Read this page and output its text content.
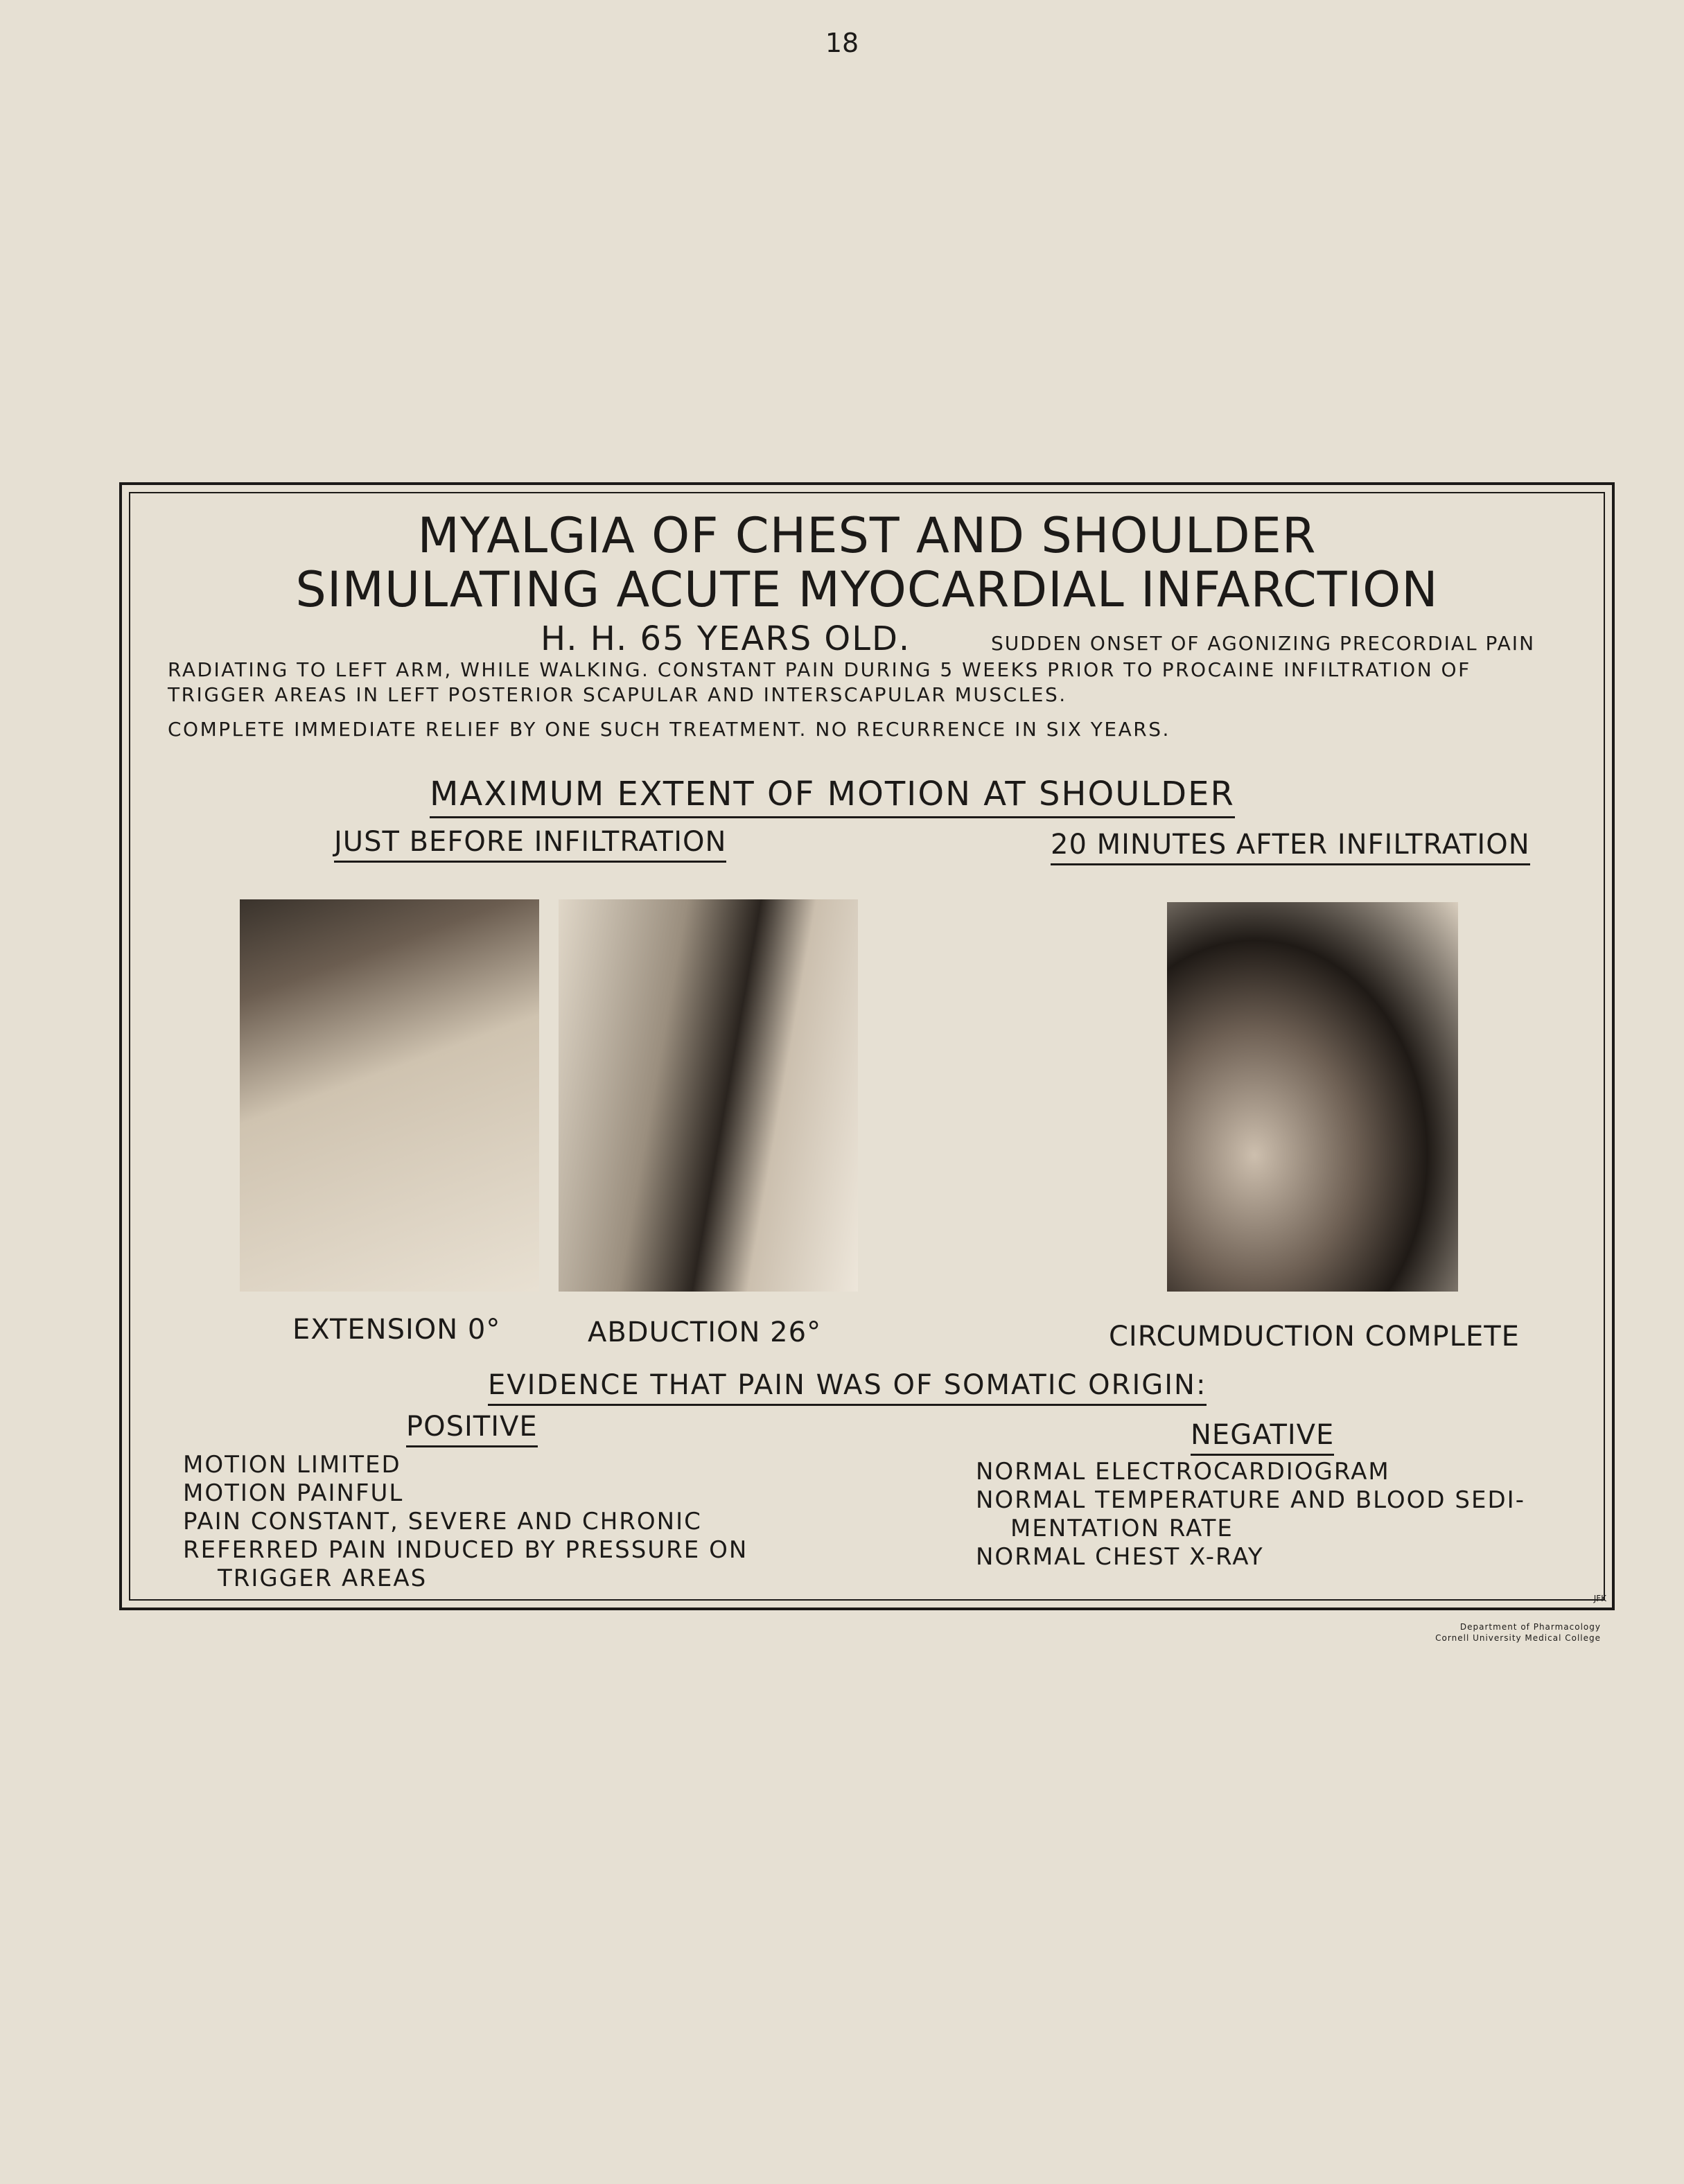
18
MYALGIA OF CHEST AND SHOULDER
SIMULATING ACUTE MYOCARDIAL INFARCTION
H. H. 65 YEARS OLD.	SUDDEN ONSET OF AGONIZING PRECORDIAL PAIN
RADIATING TO LEFT ARM, WHILE WALKING. CONSTANT PAIN DURING 5 WEEKS PRIOR TO PROCAINE INFILTRATION OF
TRIGGER AREAS IN LEFT POSTERIOR SCAPULAR AND INTERSCAPULAR MUSCLES.
COMPLETE IMMEDIATE RELIEF BY ONE SUCH TREATMENT. NO RECURRENCE IN SIX YEARS.
MAXIMUM EXTENT OF MOTION AT SHOULDER
JUST BEFORE INFILTRATION	20 MINUTES AFTER INFILTRATION
EXTENSION 0°	ABDUCTION 26°	CIRCUMDUCTION COMPLETE
EVIDENCE THAT PAIN WAS OF SOMATIC ORIGIN:
POSITIVE	NEGATIVE
MOTION LIMITED
MOTION PAINFUL
PAIN CONSTANT, SEVERE AND CHRONIC
REFERRED PAIN INDUCED BY PRESSURE ON
TRIGGER AREAS
NORMAL ELECTROCARDIOGRAM
NORMAL TEMPERATURE AND BLOOD SEDI-
MENTATION RATE
NORMAL CHEST X-RAY
JFK
Department of Pharmacology
Cornell University Medical College
